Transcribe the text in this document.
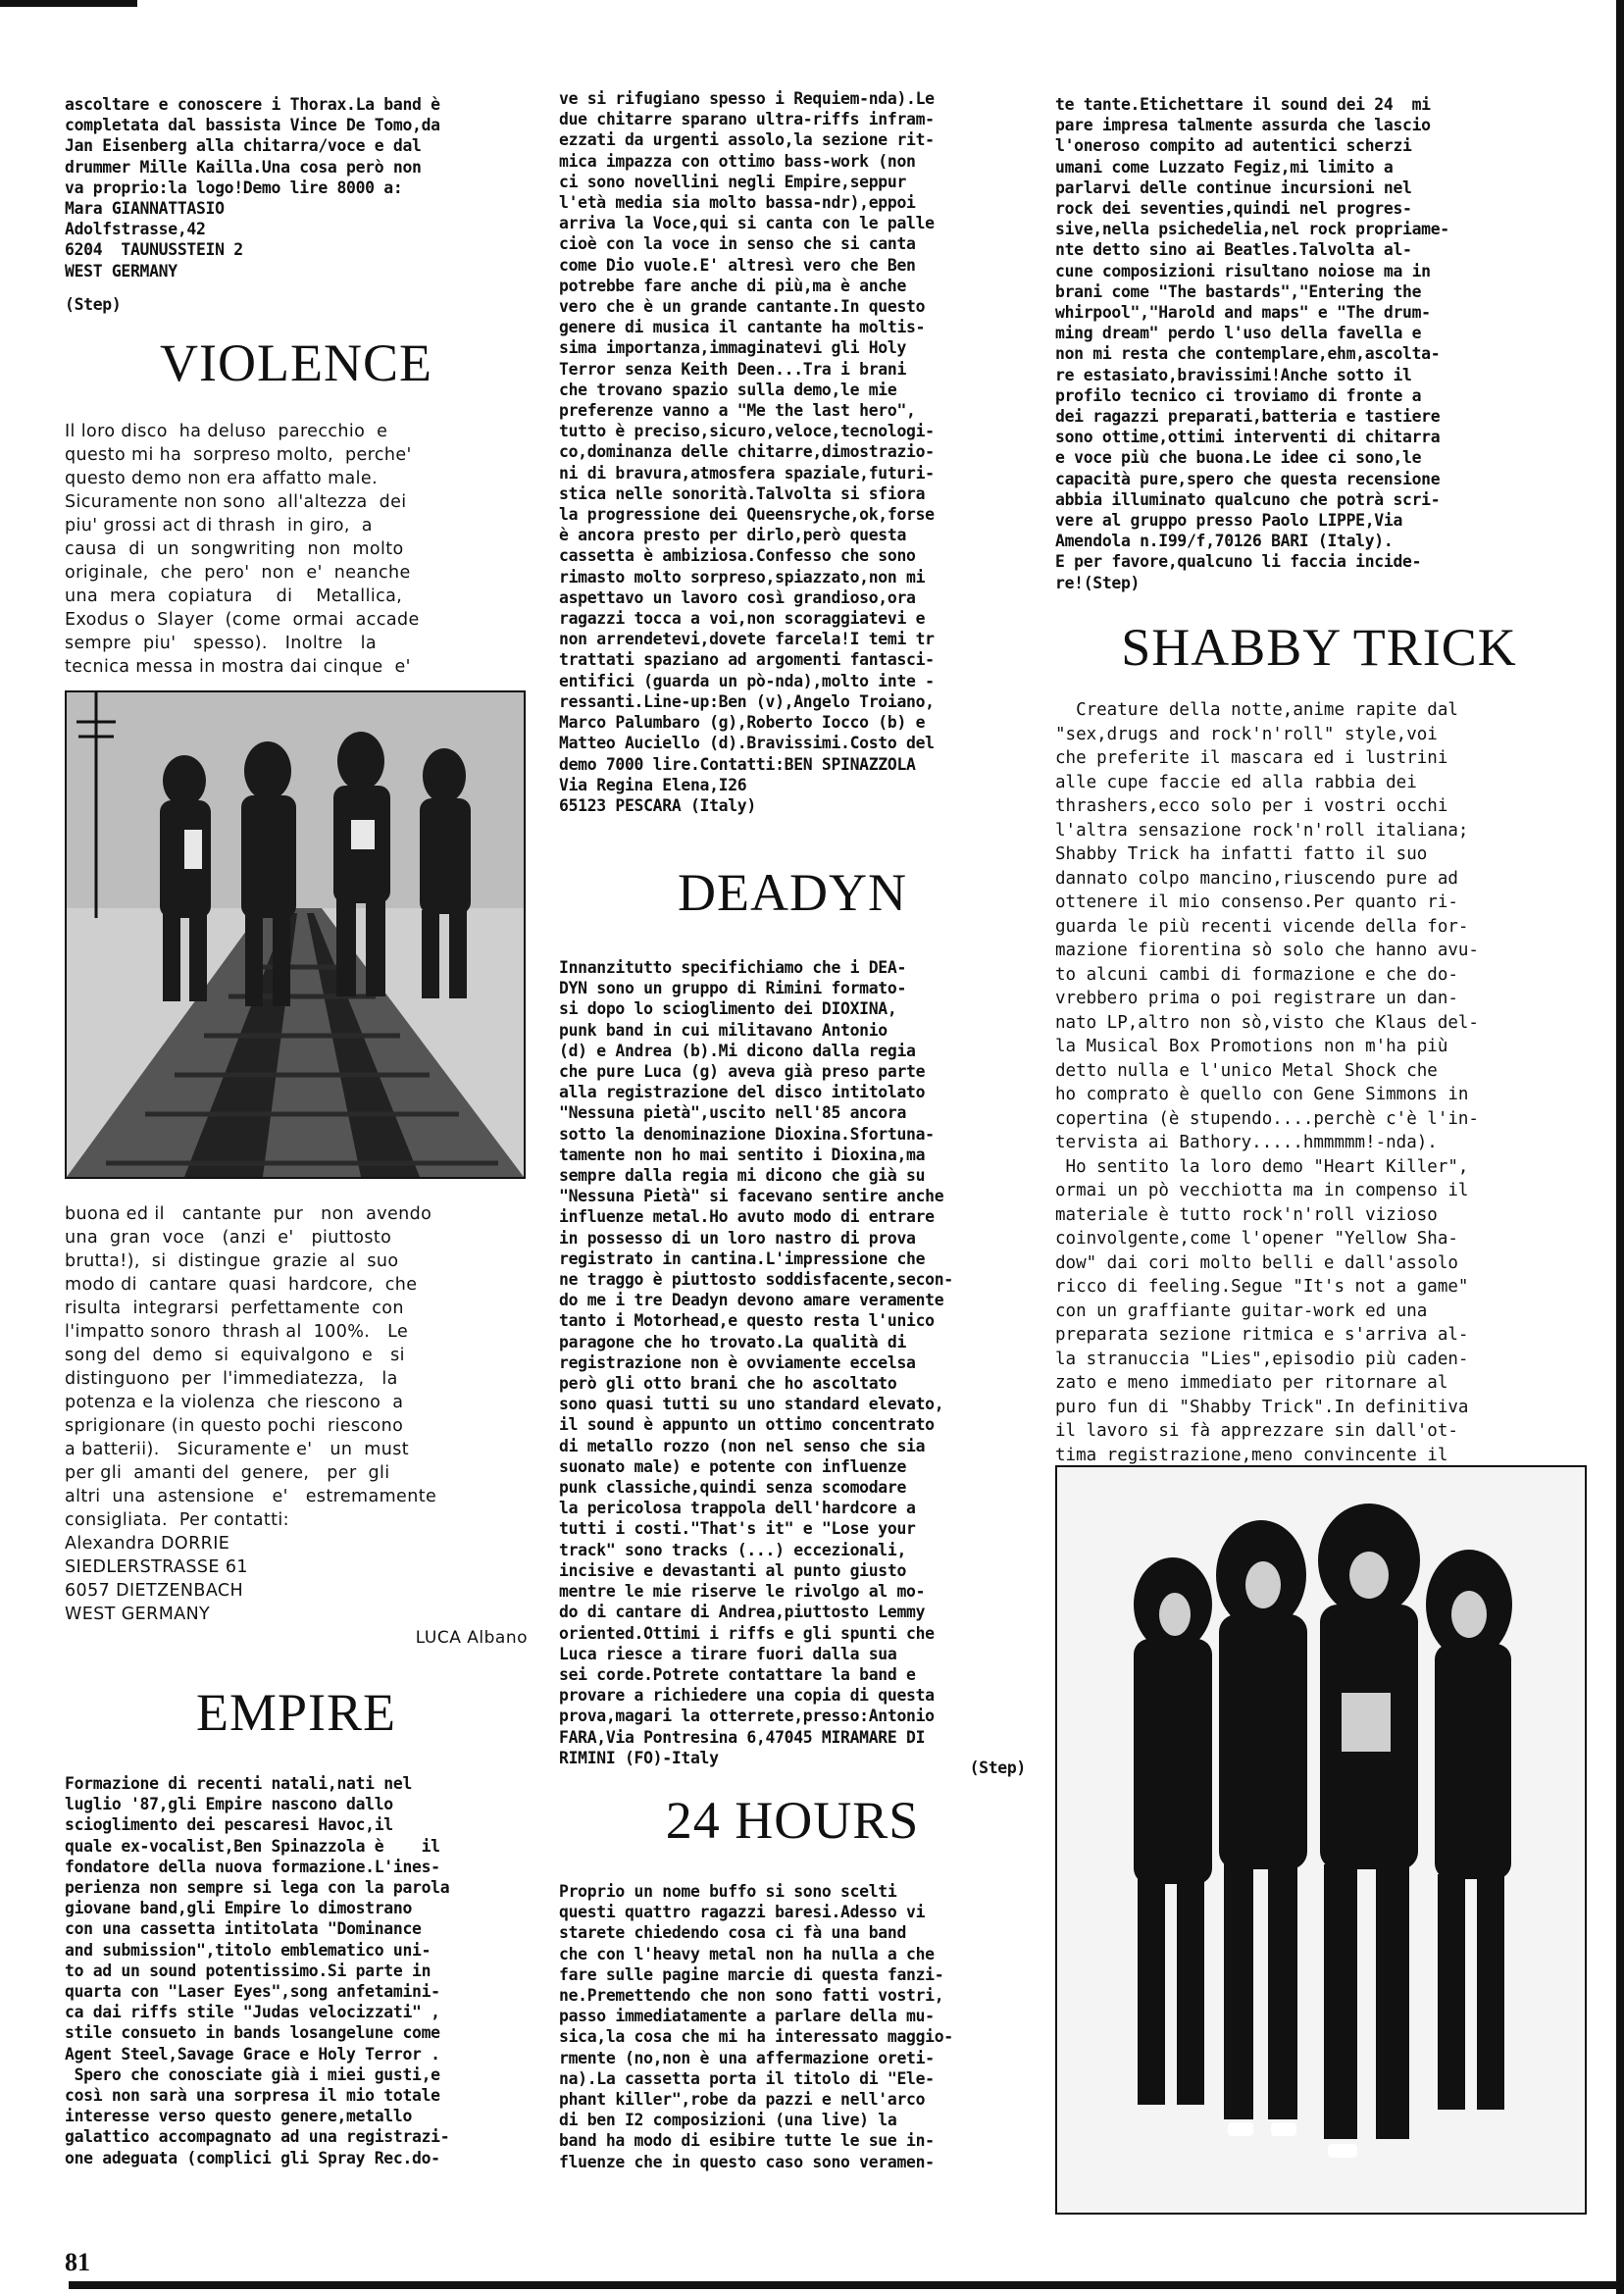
ascoltare e conoscere i Thorax.La band è
completata dal bassista Vince De Tomo,da
Jan Eisenberg alla chitarra/voce e dal
drummer Mille Kailla.Una cosa però non
va proprio:la logo!Demo lire 8000 a:
Mara GIANNATTASIO
Adolfstrasse,42
6204  TAUNUSSTEIN 2
WEST GERMANY
(Step)
VIOLENCE
Il loro disco  ha deluso  parecchio  e
questo mi ha  sorpreso molto,  perche'
questo demo non era affatto male.
Sicuramente non sono  all'altezza  dei
piu' grossi act di thrash  in giro,  a
causa  di  un  songwriting  non  molto
originale,  che  pero'  non  e'  neanche
una  mera  copiatura    di    Metallica,
Exodus o  Slayer  (come  ormai  accade
sempre  piu'   spesso).   Inoltre   la
tecnica messa in mostra dai cinque  e'
buona ed il   cantante  pur   non  avendo
una  gran  voce   (anzi  e'   piuttosto
brutta!),  si  distingue  grazie  al  suo
modo di  cantare  quasi  hardcore,  che
risulta  integrarsi  perfettamente  con
l'impatto sonoro  thrash al  100%.   Le
song del  demo  si  equivalgono  e   si
distinguono  per  l'immediatezza,   la
potenza e la violenza  che riescono  a
sprigionare (in questo pochi  riescono
a batterii).   Sicuramente e'   un  must
per gli  amanti del  genere,   per  gli
altri  una  astensione   e'   estremamente
consigliata.  Per contatti:
Alexandra DORRIE
SIEDLERSTRASSE 61
6057 DIETZENBACH
WEST GERMANY
LUCA Albano
EMPIRE
Formazione di recenti natali,nati nel
luglio '87,gli Empire nascono dallo
scioglimento dei pescaresi Havoc,il
quale ex-vocalist,Ben Spinazzola è    il
fondatore della nuova formazione.L'ines-
perienza non sempre si lega con la parola
giovane band,gli Empire lo dimostrano
con una cassetta intitolata "Dominance
and submission",titolo emblematico uni-
to ad un sound potentissimo.Si parte in
quarta con "Laser Eyes",song anfetamini-
ca dai riffs stile "Judas velocizzati" ,
stile consueto in bands losangelune come
Agent Steel,Savage Grace e Holy Terror .
Spero che conosciate già i miei gusti,e
così non sarà una sorpresa il mio totale
interesse verso questo genere,metallo
galattico accompagnato ad una registrazi-
one adeguata (complici gli Spray Rec.do-
ve si rifugiano spesso i Requiem-nda).Le
due chitarre sparano ultra-riffs infram-
ezzati da urgenti assolo,la sezione rit-
mica impazza con ottimo bass-work (non
ci sono novellini negli Empire,seppur
l'età media sia molto bassa-ndr),eppoi
arriva la Voce,qui si canta con le palle
cioè con la voce in senso che si canta
come Dio vuole.E' altresì vero che Ben
potrebbe fare anche di più,ma è anche
vero che è un grande cantante.In questo
genere di musica il cantante ha moltis-
sima importanza,immaginatevi gli Holy
Terror senza Keith Deen...Tra i brani
che trovano spazio sulla demo,le mie
preferenze vanno a "Me the last hero",
tutto è preciso,sicuro,veloce,tecnologi-
co,dominanza delle chitarre,dimostrazio-
ni di bravura,atmosfera spaziale,futuri-
stica nelle sonorità.Talvolta si sfiora
la progressione dei Queensryche,ok,forse
è ancora presto per dirlo,però questa
cassetta è ambiziosa.Confesso che sono
rimasto molto sorpreso,spiazzato,non mi
aspettavo un lavoro così grandioso,ora
ragazzi tocca a voi,non scoraggiatevi e
non arrendetevi,dovete farcela!I temi tr
trattati spaziano ad argomenti fantasci-
entifici (guarda un pò-nda),molto inte -
ressanti.Line-up:Ben (v),Angelo Troiano,
Marco Palumbaro (g),Roberto Iocco (b) e
Matteo Auciello (d).Bravissimi.Costo del
demo 7000 lire.Contatti:BEN SPINAZZOLA
Via Regina Elena,I26
65123 PESCARA (Italy)
DEADYN
Innanzitutto specifichiamo che i DEA-
DYN sono un gruppo di Rimini formato-
si dopo lo scioglimento dei DIOXINA,
punk band in cui militavano Antonio
(d) e Andrea (b).Mi dicono dalla regia
che pure Luca (g) aveva già preso parte
alla registrazione del disco intitolato
"Nessuna pietà",uscito nell'85 ancora
sotto la denominazione Dioxina.Sfortuna-
tamente non ho mai sentito i Dioxina,ma
sempre dalla regia mi dicono che già su
"Nessuna Pietà" si facevano sentire anche
influenze metal.Ho avuto modo di entrare
in possesso di un loro nastro di prova
registrato in cantina.L'impressione che
ne traggo è piuttosto soddisfacente,secon-
do me i tre Deadyn devono amare veramente
tanto i Motorhead,e questo resta l'unico
paragone che ho trovato.La qualità di
registrazione non è ovviamente eccelsa
però gli otto brani che ho ascoltato
sono quasi tutti su uno standard elevato,
il sound è appunto un ottimo concentrato
di metallo rozzo (non nel senso che sia
suonato male) e potente con influenze
punk classiche,quindi senza scomodare
la pericolosa trappola dell'hardcore a
tutti i costi."That's it" e "Lose your
track" sono tracks (...) eccezionali,
incisive e devastanti al punto giusto
mentre le mie riserve le rivolgo al mo-
do di cantare di Andrea,piuttosto Lemmy
oriented.Ottimi i riffs e gli spunti che
Luca riesce a tirare fuori dalla sua
sei corde.Potrete contattare la band e
provare a richiedere una copia di questa
prova,magari la otterrete,presso:Antonio
FARA,Via Pontresina 6,47045 MIRAMARE DI
RIMINI (FO)-Italy
(Step)
24 HOURS
Proprio un nome buffo si sono scelti
questi quattro ragazzi baresi.Adesso vi
starete chiedendo cosa ci fà una band
che con l'heavy metal non ha nulla a che
fare sulle pagine marcie di questa fanzi-
ne.Premettendo che non sono fatti vostri,
passo immediatamente a parlare della mu-
sica,la cosa che mi ha interessato maggio-
rmente (no,non è una affermazione oreti-
na).La cassetta porta il titolo di "Ele-
phant killer",robe da pazzi e nell'arco
di ben I2 composizioni (una live) la
band ha modo di esibire tutte le sue in-
fluenze che in questo caso sono veramen-
te tante.Etichettare il sound dei 24  mi
pare impresa talmente assurda che lascio
l'oneroso compito ad autentici scherzi
umani come Luzzato Fegiz,mi limito a
parlarvi delle continue incursioni nel
rock dei seventies,quindi nel progres-
sive,nella psichedelia,nel rock propriame-
nte detto sino ai Beatles.Talvolta al-
cune composizioni risultano noiose ma in
brani come "The bastards","Entering the
whirpool","Harold and maps" e "The drum-
ming dream" perdo l'uso della favella e
non mi resta che contemplare,ehm,ascolta-
re estasiato,bravissimi!Anche sotto il
profilo tecnico ci troviamo di fronte a
dei ragazzi preparati,batteria e tastiere
sono ottime,ottimi interventi di chitarra
e voce più che buona.Le idee ci sono,le
capacità pure,spero che questa recensione
abbia illuminato qualcuno che potrà scri-
vere al gruppo presso Paolo LIPPE,Via
Amendola n.I99/f,70126 BARI (Italy).
E per favore,qualcuno li faccia incide-
re!(Step)
SHABBY TRICK
Creature della notte,anime rapite dal
"sex,drugs and rock'n'roll" style,voi
che preferite il mascara ed i lustrini
alle cupe faccie ed alla rabbia dei
thrashers,ecco solo per i vostri occhi
l'altra sensazione rock'n'roll italiana;
Shabby Trick ha infatti fatto il suo
dannato colpo mancino,riuscendo pure ad
ottenere il mio consenso.Per quanto ri-
guarda le più recenti vicende della for-
mazione fiorentina sò solo che hanno avu-
to alcuni cambi di formazione e che do-
vrebbero prima o poi registrare un dan-
nato LP,altro non sò,visto che Klaus del-
la Musical Box Promotions non m'ha più
detto nulla e l'unico Metal Shock che
ho comprato è quello con Gene Simmons in
copertina (è stupendo....perchè c'è l'in-
tervista ai Bathory.....hmmmmm!-nda).
Ho sentito la loro demo "Heart Killer",
ormai un pò vecchiotta ma in compenso il
materiale è tutto rock'n'roll vizioso
coinvolgente,come l'opener "Yellow Sha-
dow" dai cori molto belli e dall'assolo
ricco di feeling.Segue "It's not a game"
con un graffiante guitar-work ed una
preparata sezione ritmica e s'arriva al-
la stranuccia "Lies",episodio più caden-
zato e meno immediato per ritornare al
puro fun di "Shabby Trick".In definitiva
il lavoro si fà apprezzare sin dall'ot-
tima registrazione,meno convincente il

81
